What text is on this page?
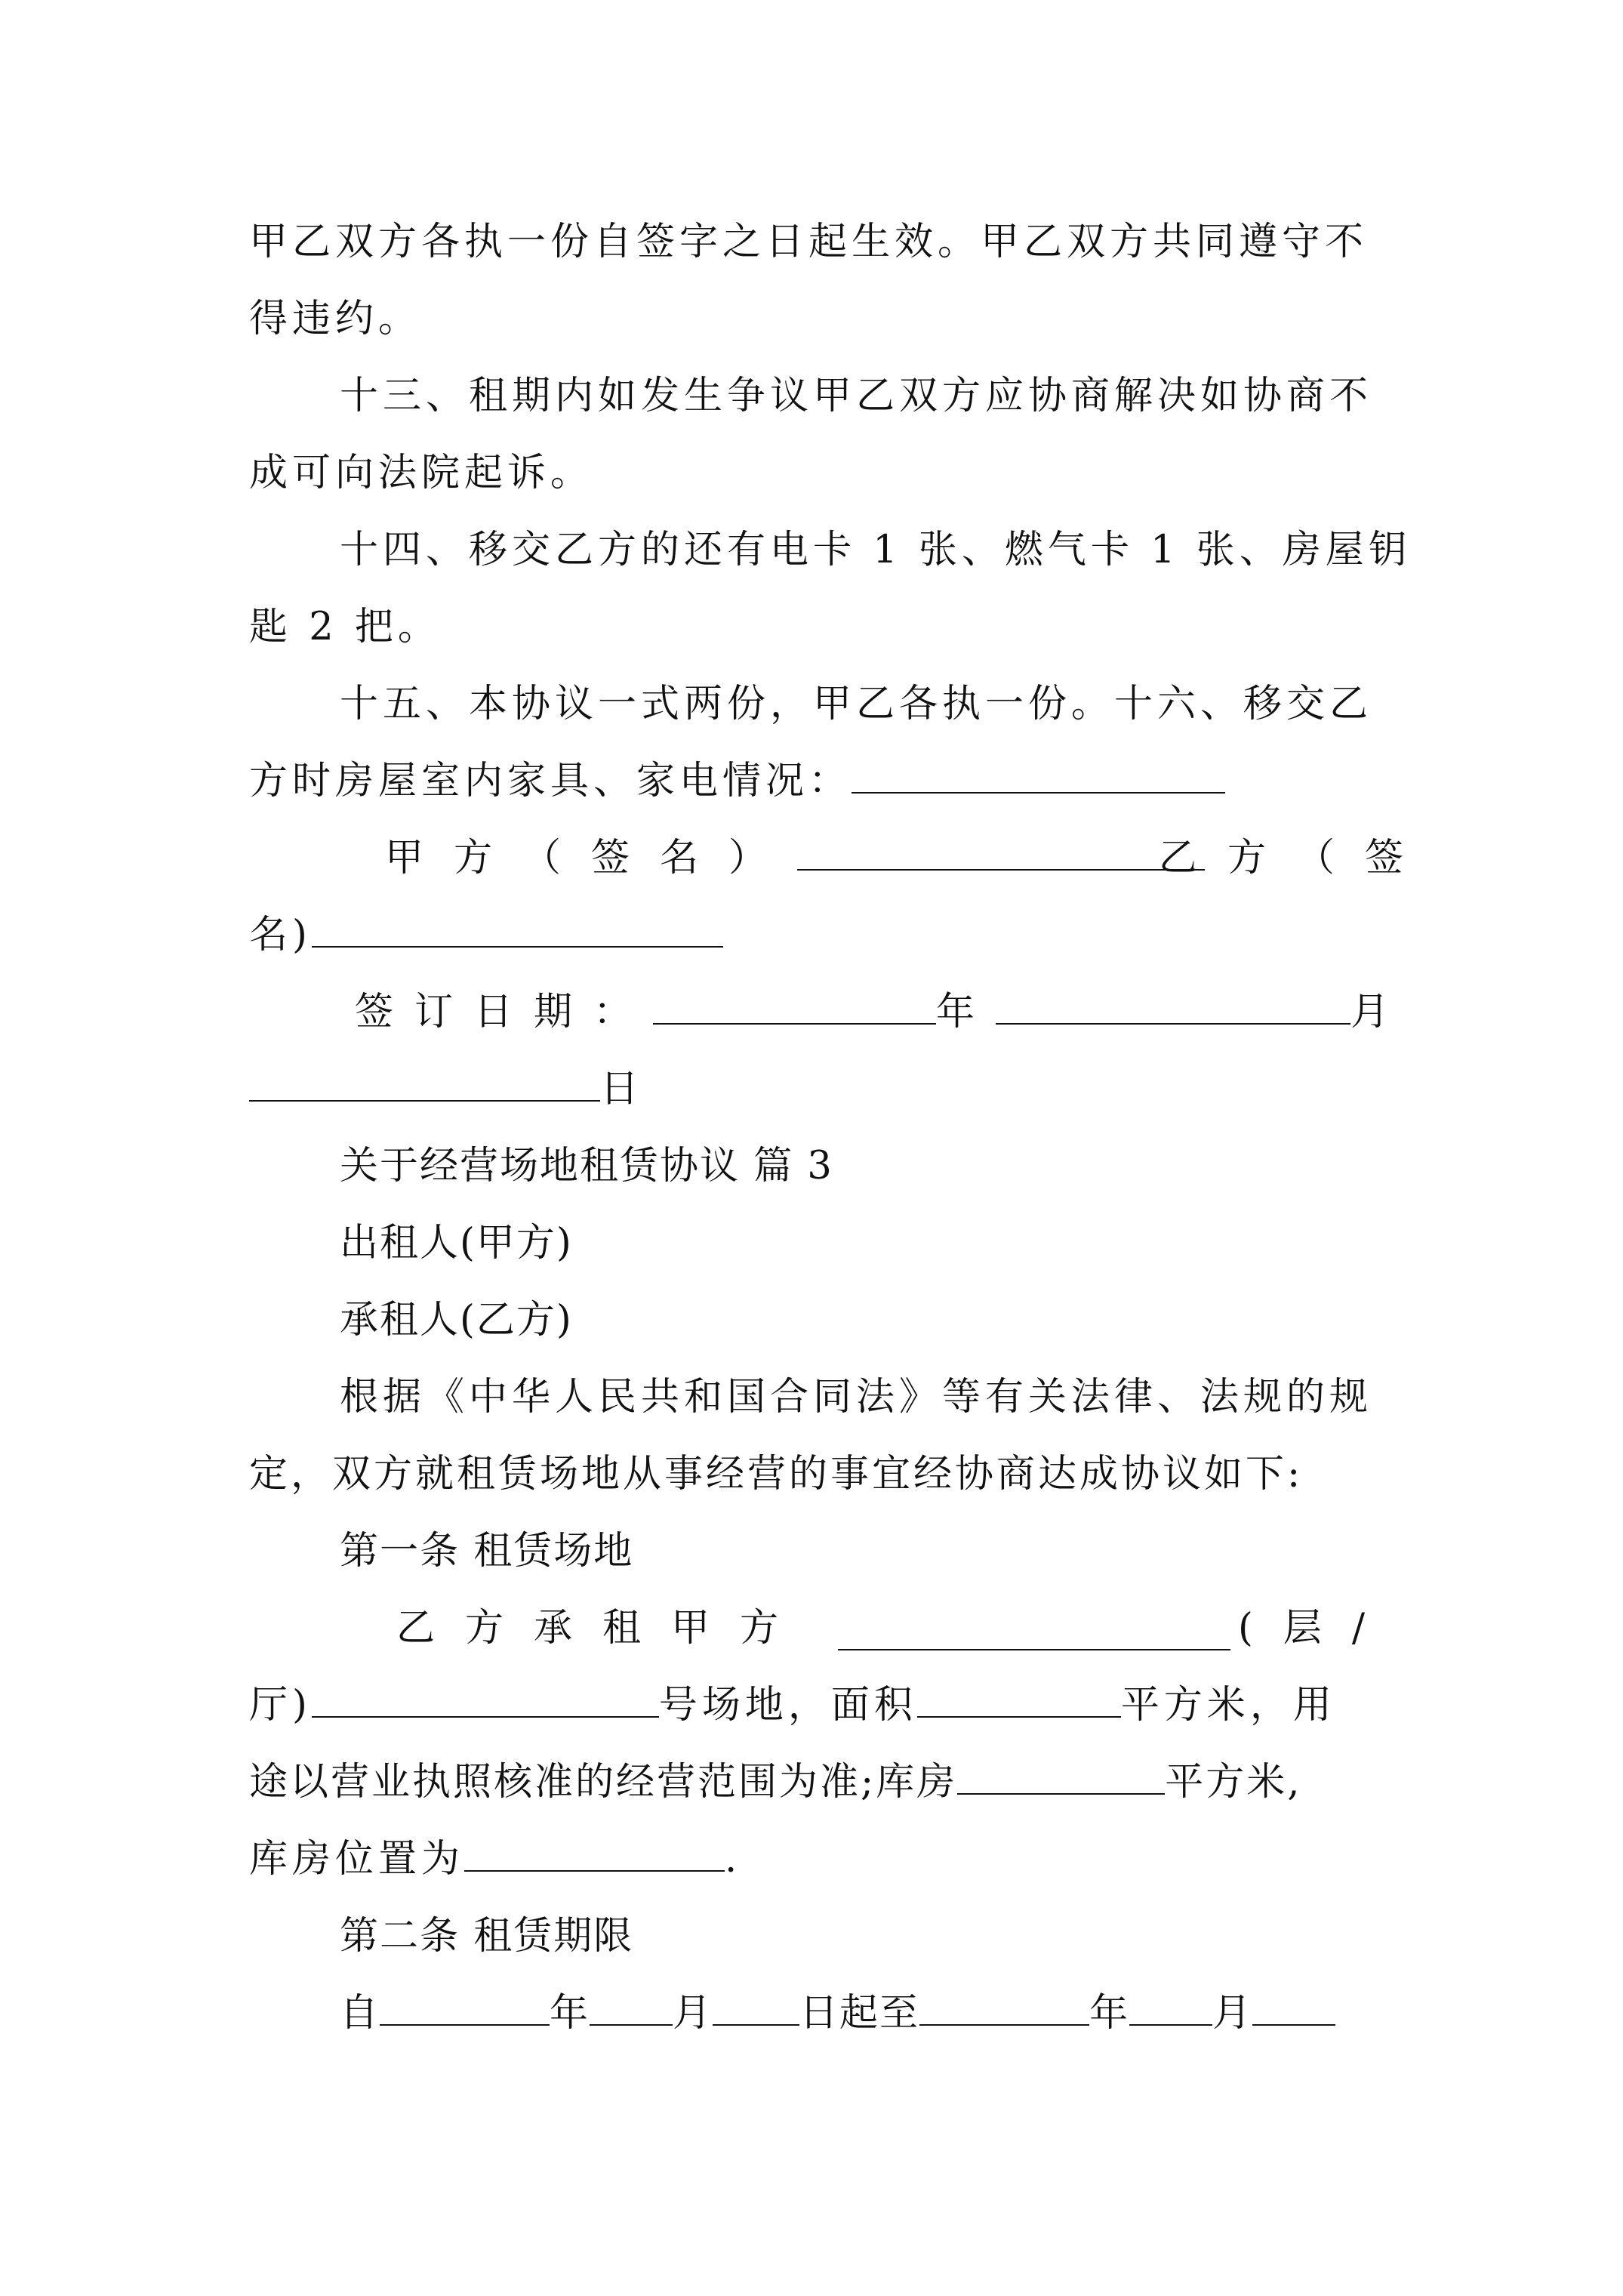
甲乙双方各执一份自签字之日起生效。甲乙双方共同遵守不
得违约。
十三、租期内如发生争议甲乙双方应协商解决如协商不
成可向法院起诉。
十四、移交乙方的还有电卡 1 张、燃气卡 1 张、房屋钥
匙 2 把。
十五、本协议一式两份，甲乙各执一份。十六、移交乙
方时房屋室内家具、家电情况：
甲方（签名）	乙方（签
名)
签订日期：	年	月
日
关于经营场地租赁协议 篇 3
出租人(甲方)
承租人(乙方)
根据《中华人民共和国合同法》等有关法律、法规的规
定，双方就租赁场地从事经营的事宜经协商达成协议如下:
第一条 租赁场地
乙方承租甲方	(层/
厅)	号场地，面积	平方米，用
途以营业执照核准的经营范围为准;库房	平方米,
库房位置为	.
第二条 租赁期限
自	年 月 日起至	年 月
